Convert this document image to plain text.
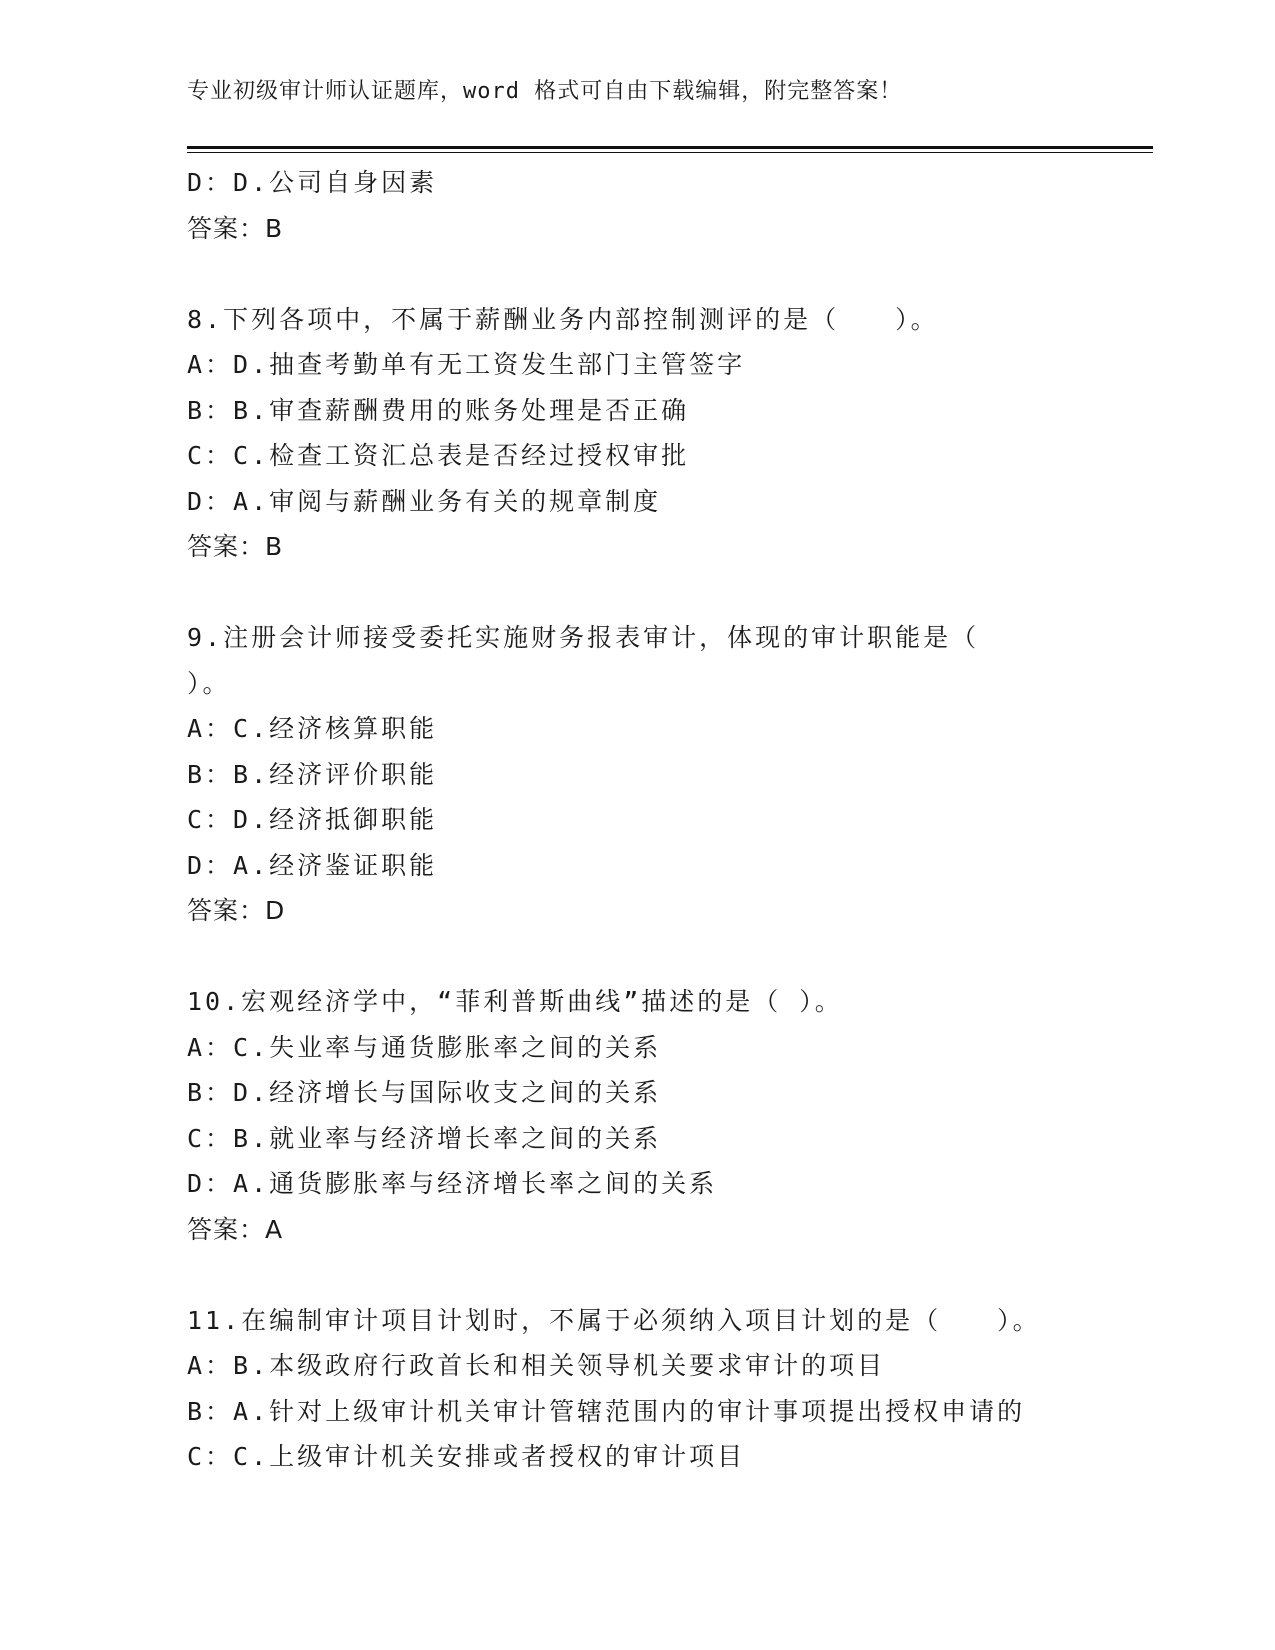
专业初级审计师认证题库，word 格式可自由下载编辑，附完整答案！
D：D.公司自身因素
答案：B
8.下列各项中，不属于薪酬业务内部控制测评的是（　　）。
A：D.抽查考勤单有无工资发生部门主管签字
B：B.审查薪酬费用的账务处理是否正确
C：C.检查工资汇总表是否经过授权审批
D：A.审阅与薪酬业务有关的规章制度
答案：B
9.注册会计师接受委托实施财务报表审计，体现的审计职能是（
）。
A：C.经济核算职能
B：B.经济评价职能
C：D.经济抵御职能
D：A.经济鉴证职能
答案：D
10.宏观经济学中，“菲利普斯曲线”描述的是（ ）。
A：C.失业率与通货膨胀率之间的关系
B：D.经济增长与国际收支之间的关系
C：B.就业率与经济增长率之间的关系
D：A.通货膨胀率与经济增长率之间的关系
答案：A
11.在编制审计项目计划时，不属于必须纳入项目计划的是（　　）。
A：B.本级政府行政首长和相关领导机关要求审计的项目
B：A.针对上级审计机关审计管辖范围内的审计事项提出授权申请的
C：C.上级审计机关安排或者授权的审计项目
